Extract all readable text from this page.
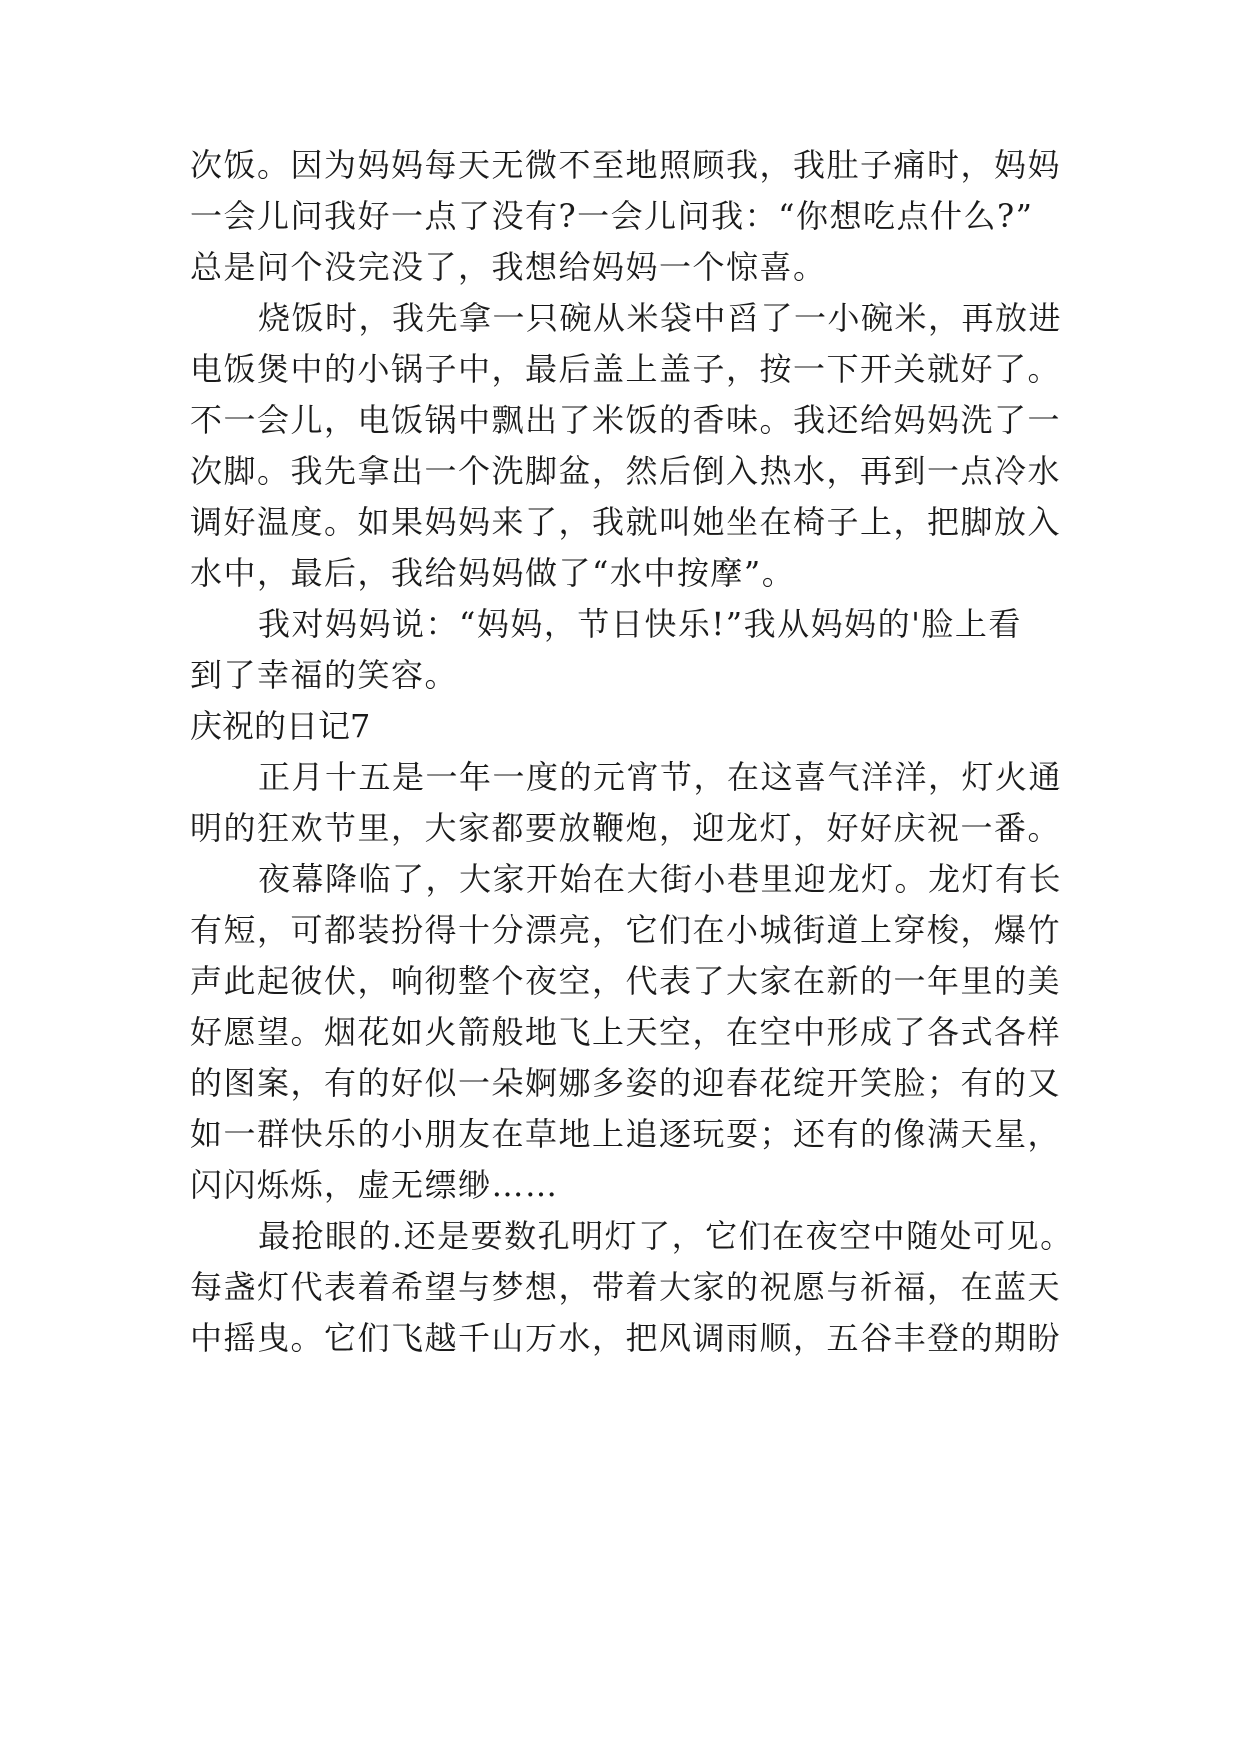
次饭。因为妈妈每天无微不至地照顾我，我肚子痛时，妈妈
一会儿问我好一点了没有?一会儿问我：“你想吃点什么?”
总是问个没完没了，我想给妈妈一个惊喜。
烧饭时，我先拿一只碗从米袋中舀了一小碗米，再放进
电饭煲中的小锅子中，最后盖上盖子，按一下开关就好了。
不一会儿，电饭锅中飘出了米饭的香味。我还给妈妈洗了一
次脚。我先拿出一个洗脚盆，然后倒入热水，再到一点冷水
调好温度。如果妈妈来了，我就叫她坐在椅子上，把脚放入
水中，最后，我给妈妈做了“水中按摩”。
我对妈妈说：“妈妈，节日快乐!”我从妈妈的'脸上看
到了幸福的笑容。
庆祝的日记7
正月十五是一年一度的元宵节，在这喜气洋洋，灯火通
明的狂欢节里，大家都要放鞭炮，迎龙灯，好好庆祝一番。
夜幕降临了，大家开始在大街小巷里迎龙灯。龙灯有长
有短，可都装扮得十分漂亮，它们在小城街道上穿梭，爆竹
声此起彼伏，响彻整个夜空，代表了大家在新的一年里的美
好愿望。烟花如火箭般地飞上天空，在空中形成了各式各样
的图案，有的好似一朵婀娜多姿的迎春花绽开笑脸；有的又
如一群快乐的小朋友在草地上追逐玩耍；还有的像满天星，
闪闪烁烁，虚无缥缈……
最抢眼的.还是要数孔明灯了，它们在夜空中随处可见。
每盏灯代表着希望与梦想，带着大家的祝愿与祈福，在蓝天
中摇曳。它们飞越千山万水，把风调雨顺，五谷丰登的期盼
